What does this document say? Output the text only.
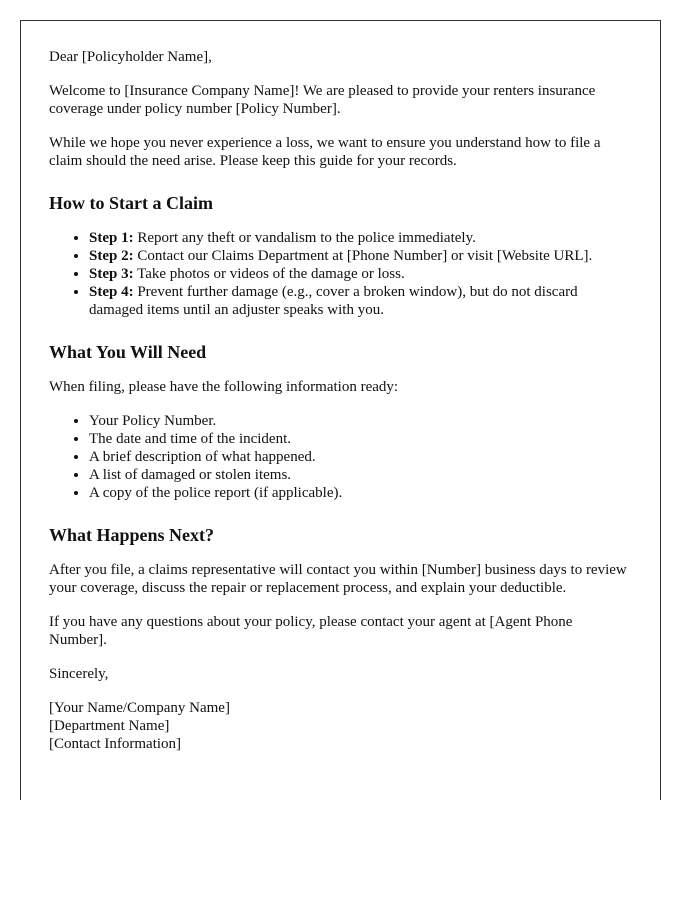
Dear [Policyholder Name],

Welcome to [Insurance Company Name]! We are pleased to provide your renters insurance coverage under policy number [Policy Number].

While we hope you never experience a loss, we want to ensure you understand how to file a claim should the need arise. Please keep this guide for your records.

How to Start a Claim
• Step 1: Report any theft or vandalism to the police immediately.
• Step 2: Contact our Claims Department at [Phone Number] or visit [Website URL].
• Step 3: Take photos or videos of the damage or loss.
• Step 4: Prevent further damage (e.g., cover a broken window), but do not discard damaged items until an adjuster speaks with you.
What You Will Need

When filing, please have the following information ready:

• Your Policy Number.
• The date and time of the incident.
• A brief description of what happened.
• A list of damaged or stolen items.
• A copy of the police report (if applicable).
What Happens Next?

After you file, a claims representative will contact you within [Number] business days to review your coverage, discuss the repair or replacement process, and explain your deductible.

If you have any questions about your policy, please contact your agent at [Agent Phone Number].

Sincerely,

[Your Name/Company Name]
[Department Name]
[Contact Information]
